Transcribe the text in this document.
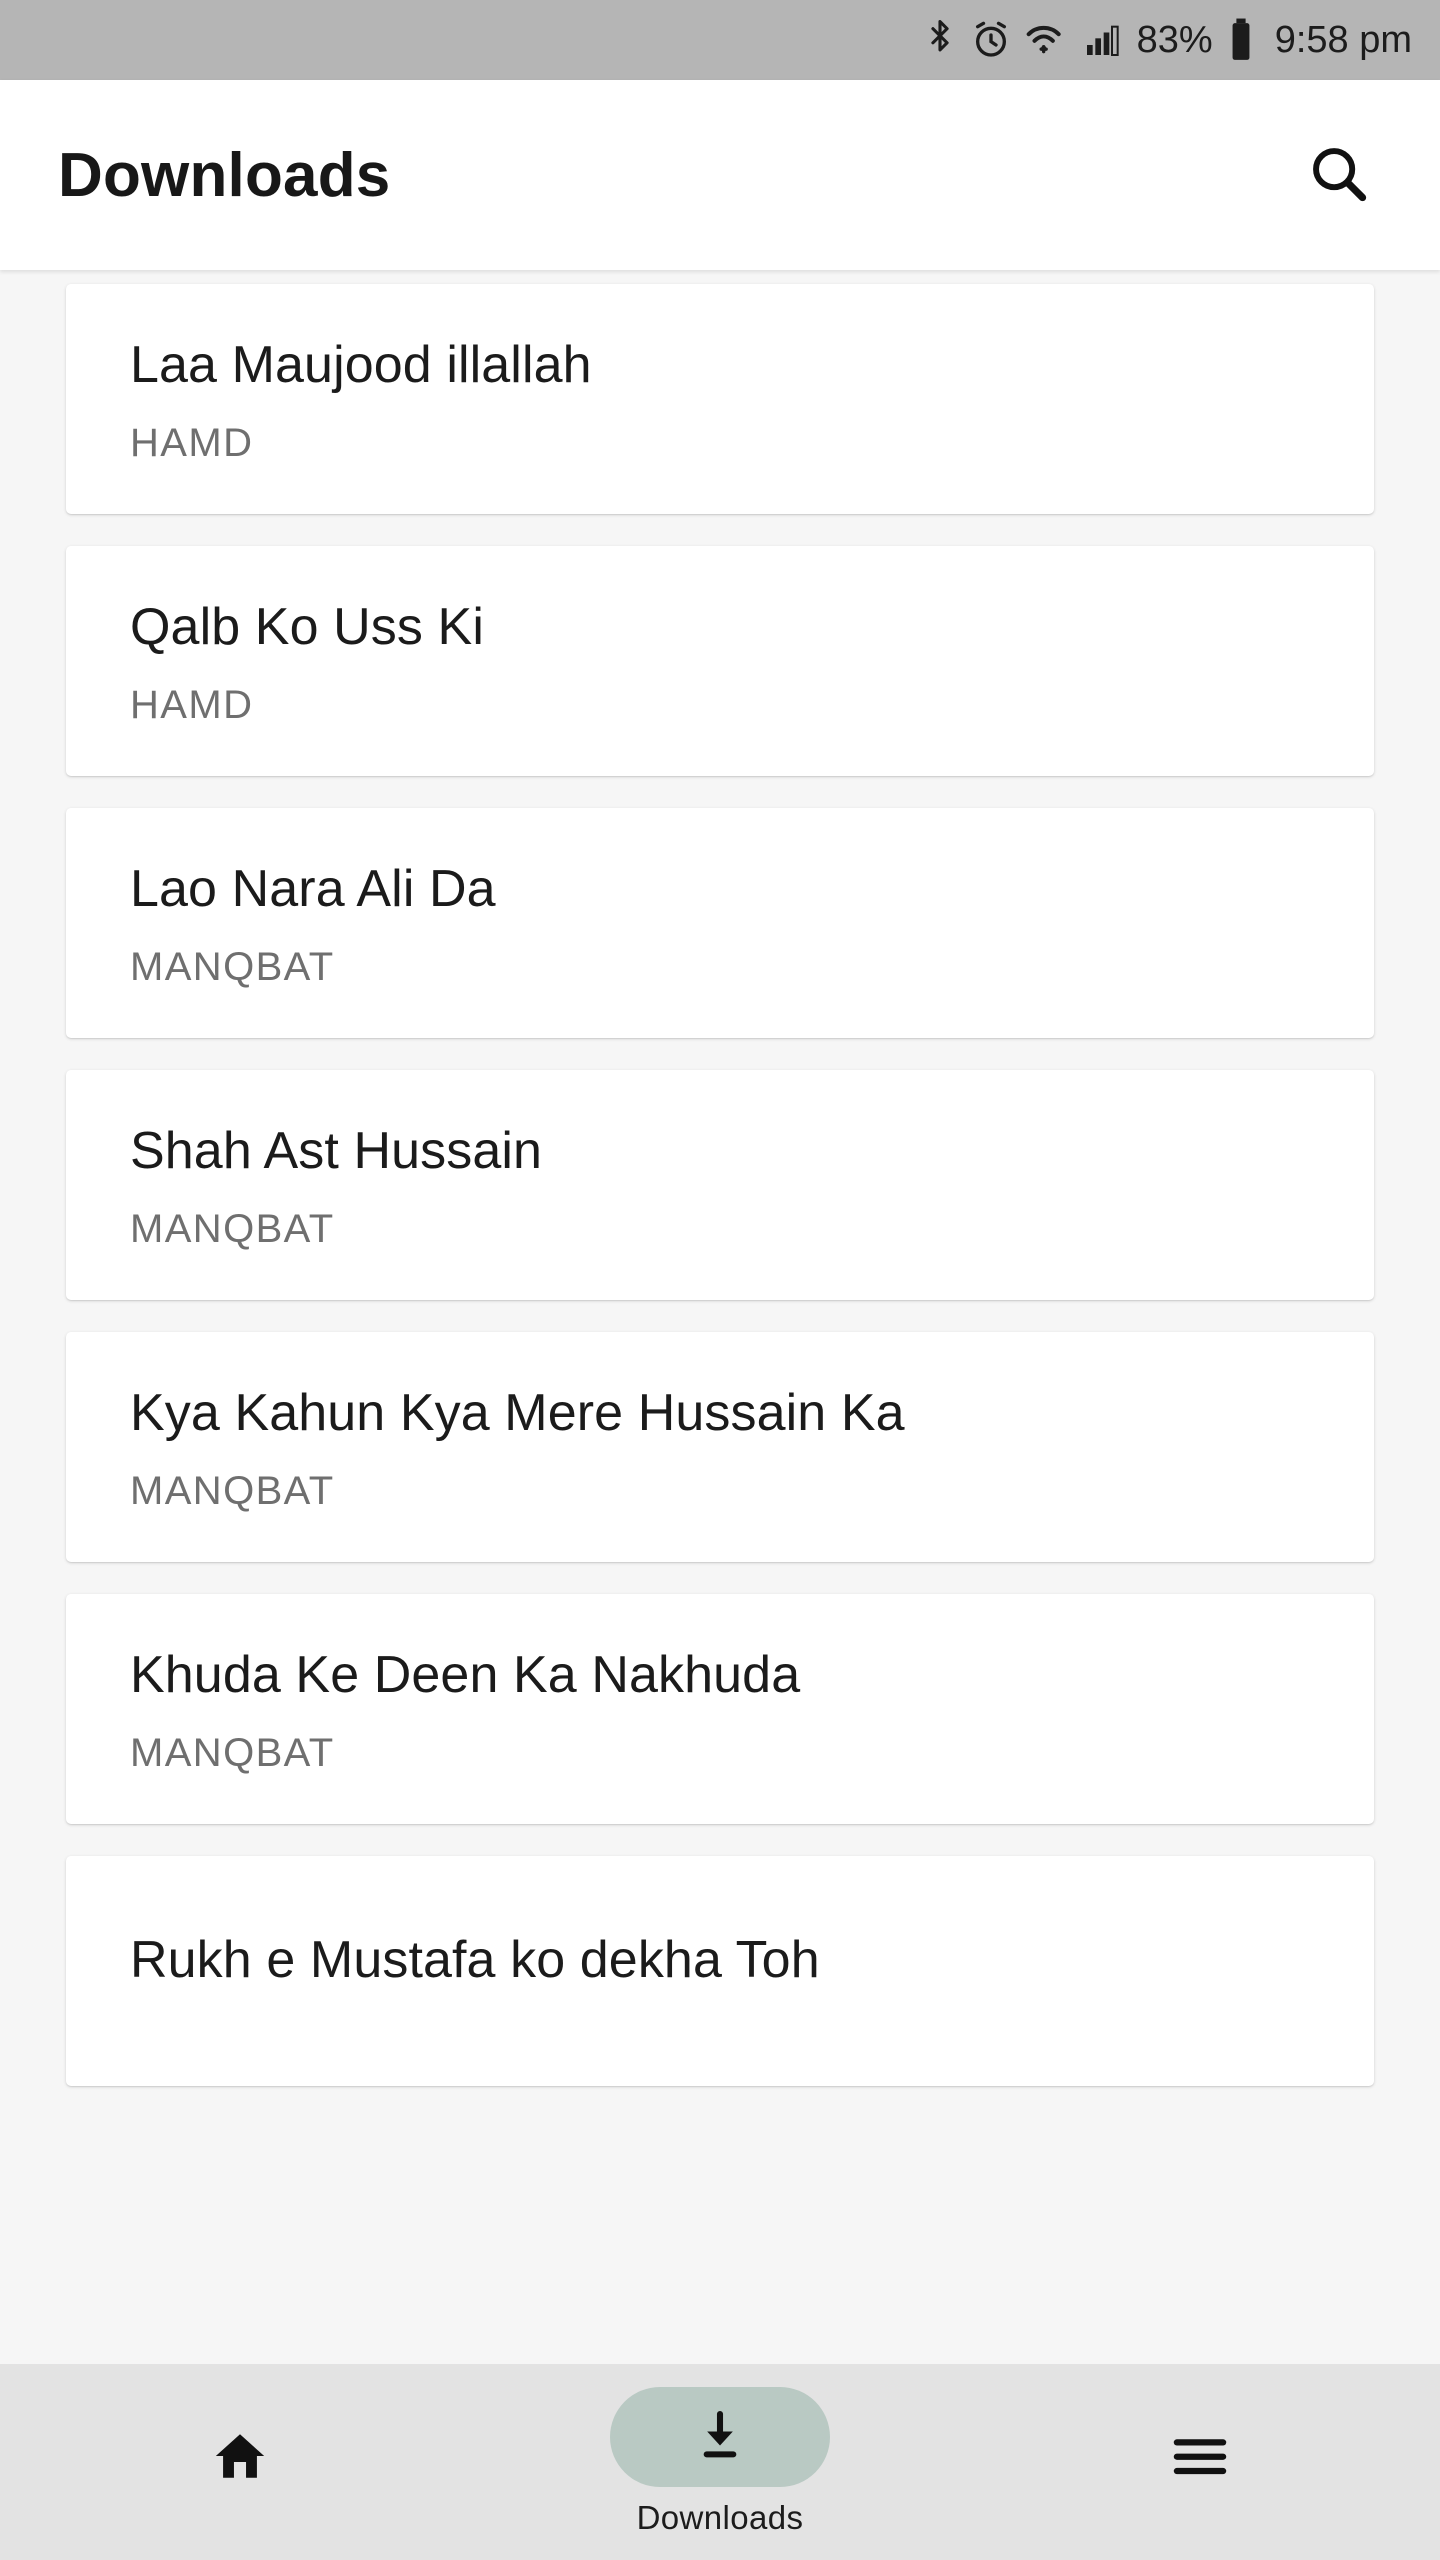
83% 9:58 pm
Downloads
Laa Maujood illallah
HAMD
Qalb Ko Uss Ki
HAMD
Lao Nara Ali Da
MANQBAT
Shah Ast Hussain
MANQBAT
Kya Kahun Kya Mere Hussain Ka
MANQBAT
Khuda Ke Deen Ka Nakhuda
MANQBAT
Rukh e Mustafa ko dekha Toh
Downloads
